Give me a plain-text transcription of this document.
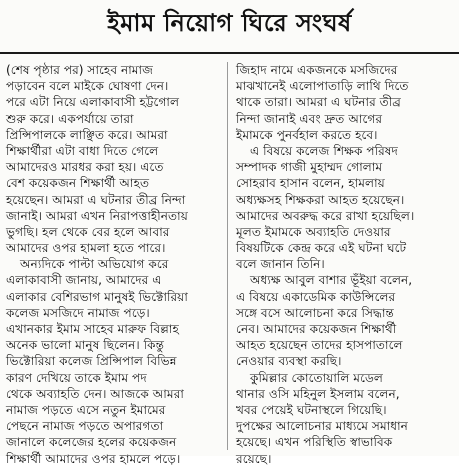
ইমাম নিয়োগ ঘিরে সংঘর্ষ
(শেষ পৃষ্ঠার পর) সাহেব নামাজ
পড়াবেন বলে মাইকে ঘোষণা দেন।
পরে এটা নিয়ে এলাকাবাসী হট্টগোল
শুরু করে। একপর্যায়ে তারা
প্রিন্সিপালকে লাঞ্ছিত করে। আমরা
শিক্ষার্থীরা এটা বাধা দিতে গেলে
আমাদেরও মারধর করা হয়। এতে
বেশ কয়েকজন শিক্ষার্থী আহত
হয়েছেন। আমরা এ ঘটনার তীব্র নিন্দা
জানাই। আমরা এখন নিরাপত্তাহীনতায়
ভুগছি। হল থেকে বের হলে আবার
আমাদের ওপর হামলা হতে পারে।
অন্যদিকে পাল্টা অভিযোগ করে
এলাকাবাসী জানায়, আমাদের এ
এলাকার বেশিরভাগ মানুষই ভিক্টোরিয়া
কলেজ মসজিদে নামাজ পড়ে।
এখানকার ইমাম সাহেব মারুফ বিল্লাহ
অনেক ভালো মানুষ ছিলেন। কিন্তু
ভিক্টোরিয়া কলেজ প্রিন্সিপাল বিভিন্ন
কারণ দেখিয়ে তাকে ইমাম পদ
থেকে অব্যাহতি দেন। আজকে আমরা
নামাজ পড়তে এসে নতুন ইমামের
পেছনে নামাজ পড়তে অপারগতা
জানালে কলেজের হলের কয়েকজন
শিক্ষার্থী আমাদের ওপর হামলে পড়ে।
জিহাদ নামে একজনকে মসজিদের
মাঝখানেই এলোপাতাড়ি লাথি দিতে
থাকে তারা। আমরা এ ঘটনার তীব্র
নিন্দা জানাই এবং দ্রুত আগের
ইমামকে পুনর্বহাল করতে হবে।
এ বিষয়ে কলেজ শিক্ষক পরিষদ
সম্পাদক গাজী মুহাম্মদ গোলাম
সোহরাব হাসান বলেন, হামলায়
অধ্যক্ষসহ শিক্ষকরা আহত হয়েছেন।
আমাদের অবরুদ্ধ করে রাখা হয়েছিল।
মূলত ইমামকে অব্যাহতি দেওয়ার
বিষয়টিকে কেন্দ্র করে এই ঘটনা ঘটে
বলে জানান তিনি।
অধ্যক্ষ আবুল বাশার ভূঁইয়া বলেন,
এ বিষয়ে একাডেমিক কাউন্সিলের
সঙ্গে বসে আলোচনা করে সিদ্ধান্ত
নেব। আমাদের কয়েকজন শিক্ষার্থী
আহত হয়েছেন তাদের হাসপাতালে
নেওয়ার ব্যবস্থা করছি।
কুমিল্লার কোতোয়ালি মডেল
থানার ওসি মহিনুল ইসলাম বলেন,
খবর পেয়েই ঘটনাস্থলে গিয়েছি।
দুপক্ষের আলোচনার মাধ্যমে সমাধান
হয়েছে। এখন পরিস্থিতি স্বাভাবিক
রয়েছে।
